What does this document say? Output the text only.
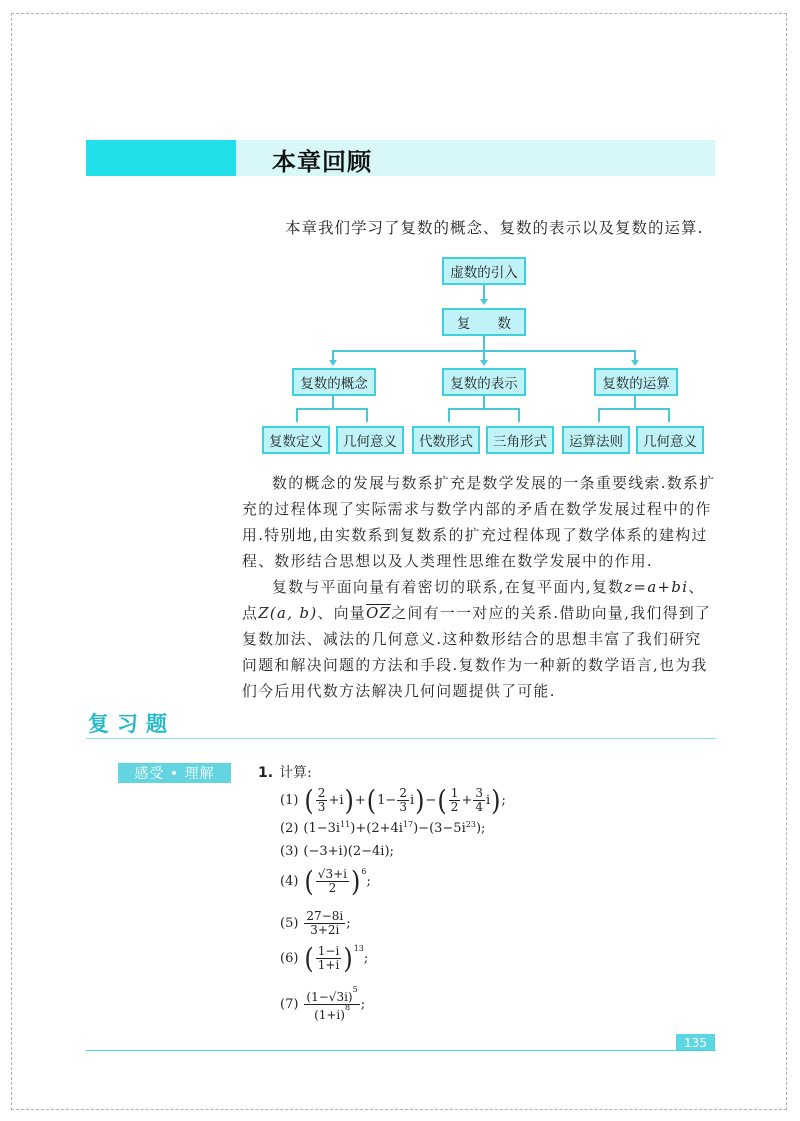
本章回顾
本章我们学习了复数的概念、复数的表示以及复数的运算.
虚数的引入
复　　数
复数的概念	复数的表示	复数的运算
复数定义	几何意义	代数形式	三角形式	运算法则	几何意义

数的概念的发展与数系扩充是数学发展的一条重要线索.数系扩充的过程体现了实际需求与数学内部的矛盾在数学发展过程中的作用.特别地,由实数系到复数系的扩充过程体现了数学体系的建构过程、数形结合思想以及人类理性思维在数学发展中的作用.

复数与平面向量有着密切的联系,在复平面内,复数z=a+bi、点Z(a, b)、向量OZ之间有一一对应的关系.借助向量,我们得到了复数加法、减法的几何意义.这种数形结合的思想丰富了我们研究问题和解决问题的方法和手段.复数作为一种新的数学语言,也为我们今后用代数方法解决几何问题提供了可能.

复习题
感受 • 理解	1. 计算:
(1) ( $\frac{2}{3} +i$ ) + ( $1- \frac{2}{3}$ i ) − ( $\frac{1}{2} + \frac{3}{4}$ i ) ;
(2) (1−3i 11 )+(2+4i 17 )−(3−5i 23 );
(3) (−3+i)(2−4i);
(4) ( $\frac{√3+i}{2}$ ) 6
;
$(5) \frac{27-8i}{3+2i}$ ;
(6) ( $\frac{1-i}{1+i}$ ) 13
;
$(7) \frac{(1-√3i)^5}{(1+i)^8}$ ;
135
